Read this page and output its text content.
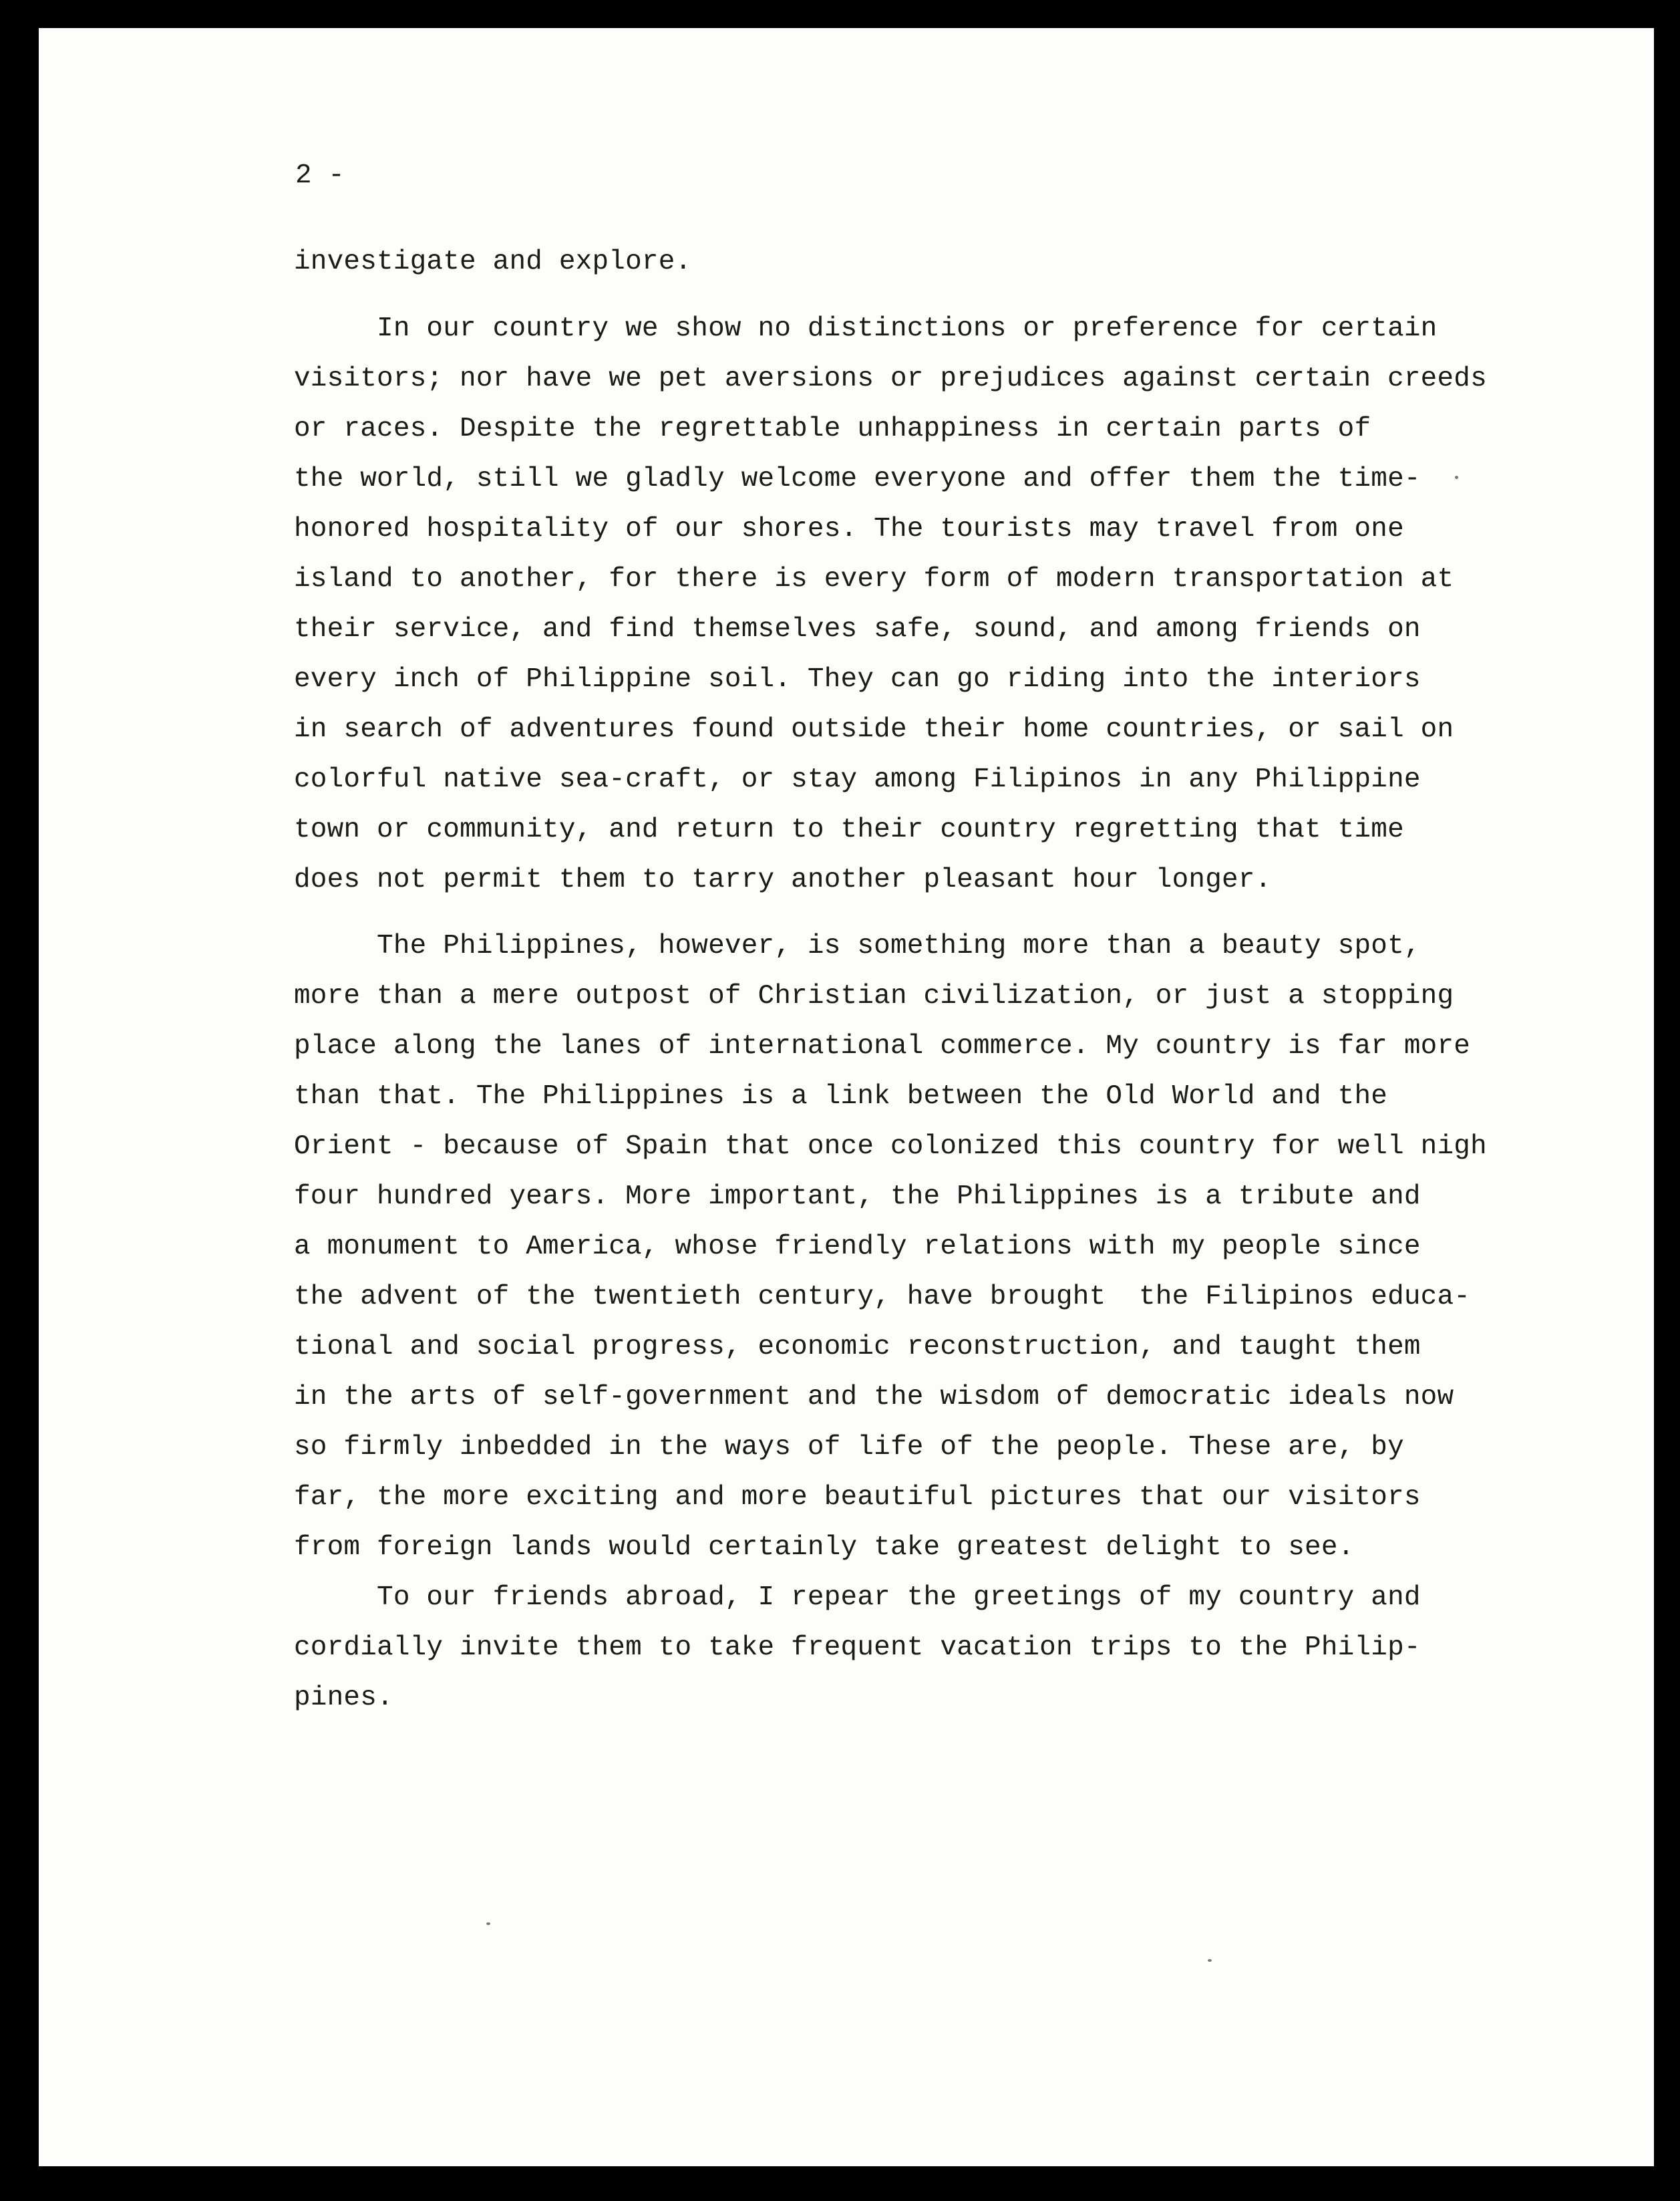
2 -
investigate and explore.
In our country we show no distinctions or preference for certain
visitors; nor have we pet aversions or prejudices against certain creeds
or races. Despite the regrettable unhappiness in certain parts of
the world, still we gladly welcome everyone and offer them the time-
honored hospitality of our shores. The tourists may travel from one
island to another, for there is every form of modern transportation at
their service, and find themselves safe, sound, and among friends on
every inch of Philippine soil. They can go riding into the interiors
in search of adventures found outside their home countries, or sail on
colorful native sea-craft, or stay among Filipinos in any Philippine
town or community, and return to their country regretting that time
does not permit them to tarry another pleasant hour longer.
The Philippines, however, is something more than a beauty spot,
more than a mere outpost of Christian civilization, or just a stopping
place along the lanes of international commerce. My country is far more
than that. The Philippines is a link between the Old World and the
Orient - because of Spain that once colonized this country for well nigh
four hundred years. More important, the Philippines is a tribute and
a monument to America, whose friendly relations with my people since
the advent of the twentieth century, have brought  the Filipinos educa-
tional and social progress, economic reconstruction, and taught them
in the arts of self-government and the wisdom of democratic ideals now
so firmly inbedded in the ways of life of the people. These are, by
far, the more exciting and more beautiful pictures that our visitors
from foreign lands would certainly take greatest delight to see.
To our friends abroad, I repear the greetings of my country and
cordially invite them to take frequent vacation trips to the Philip-
pines.
